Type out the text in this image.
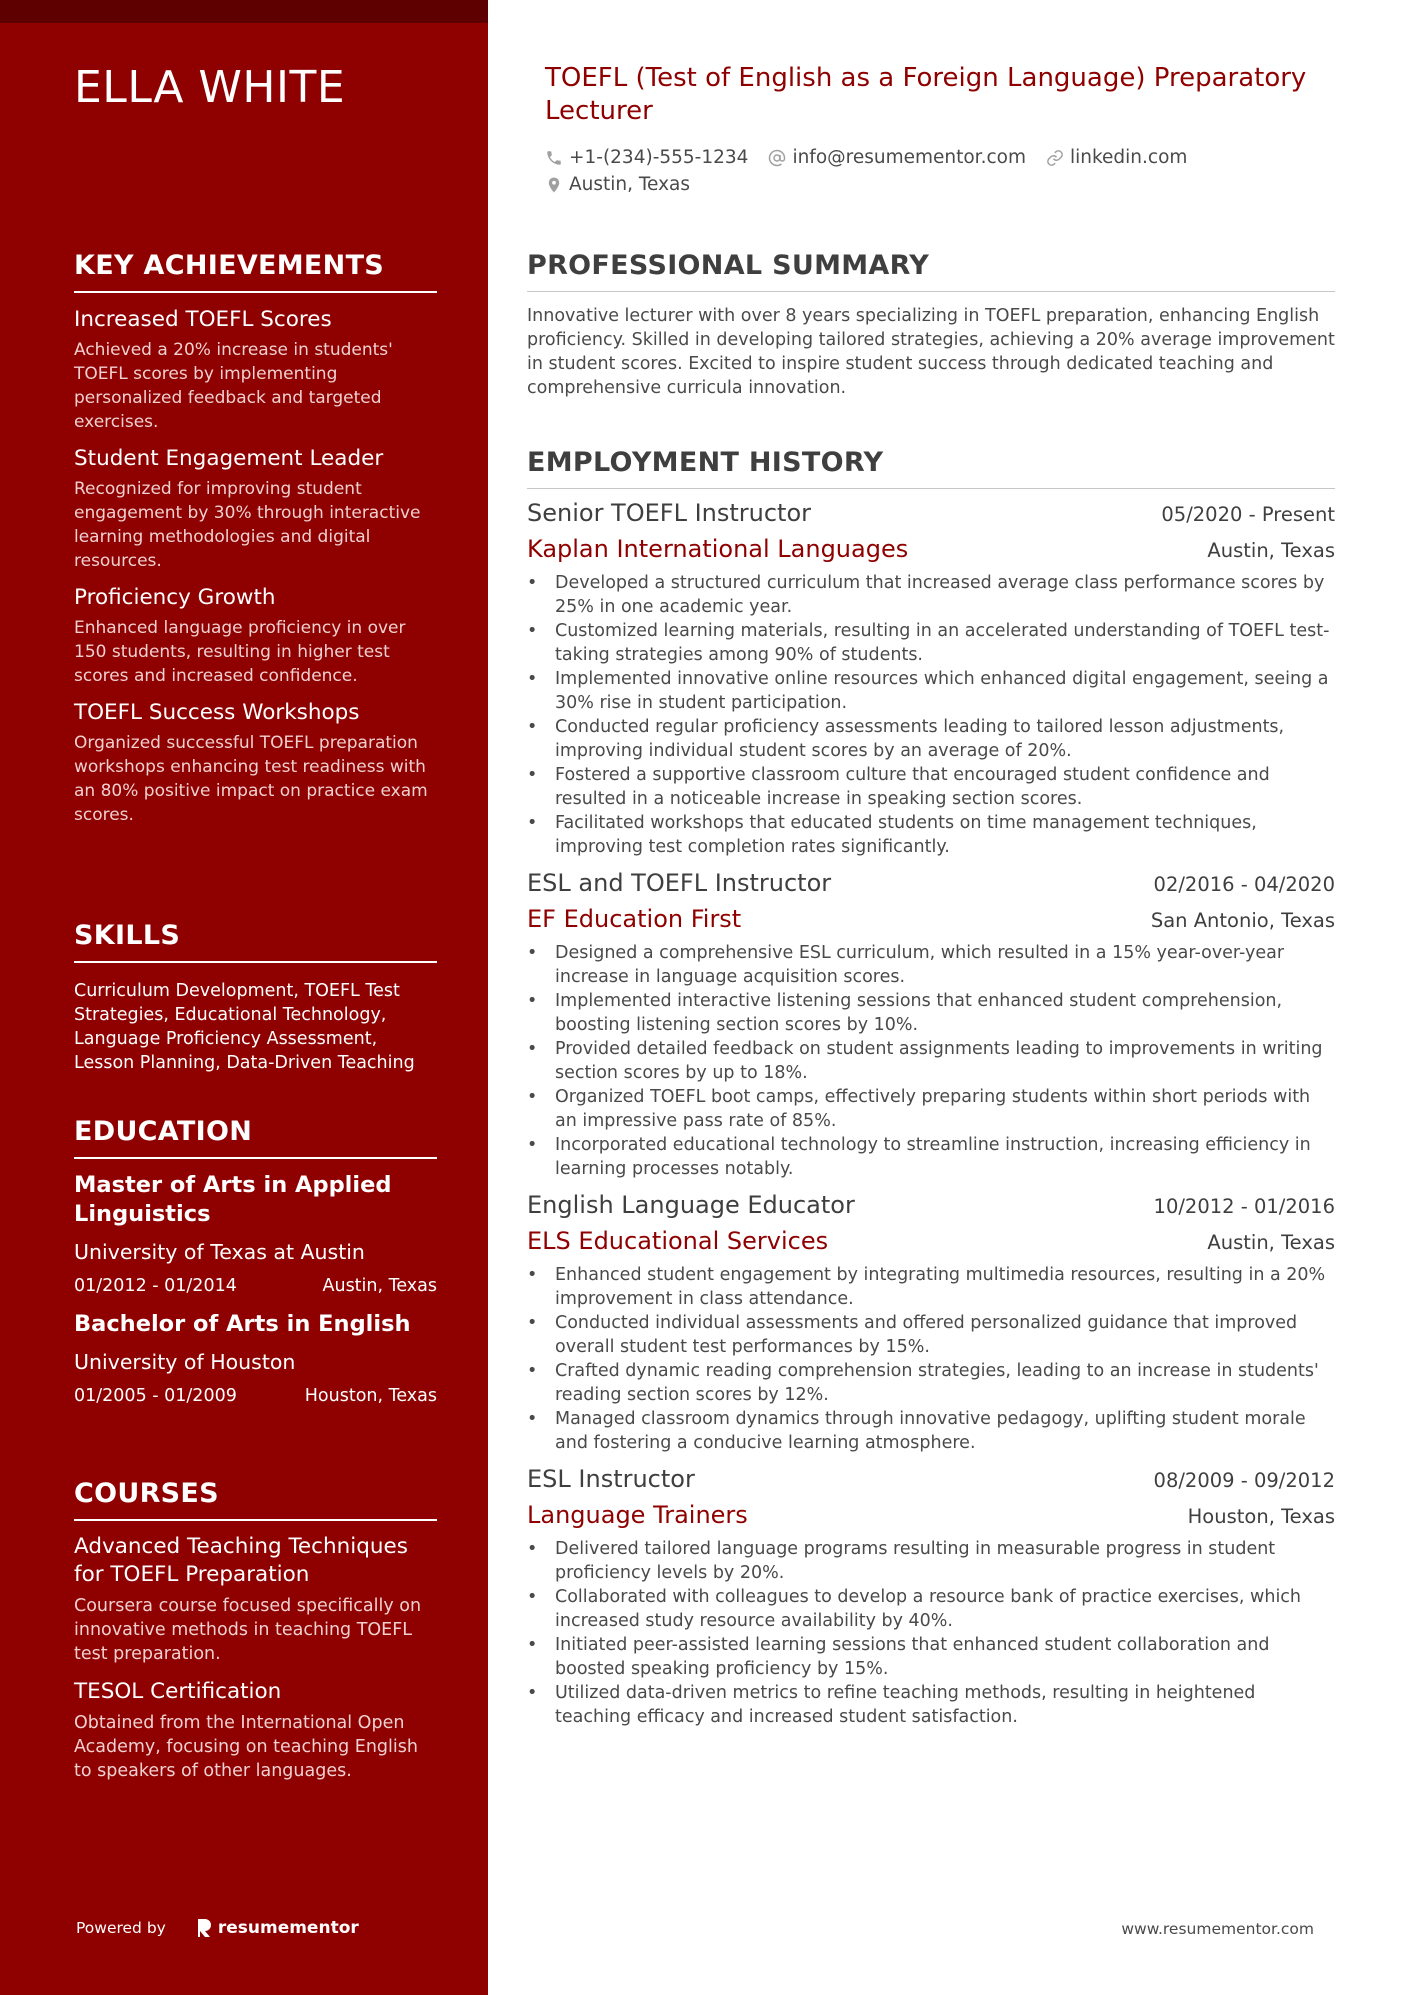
ELLA WHITE
KEY ACHIEVEMENTS
Increased TOEFL Scores
Achieved a 20% increase in students' TOEFL scores by implementing personalized feedback and targeted exercises.
Student Engagement Leader
Recognized for improving student engagement by 30% through interactive learning methodologies and digital resources.
Proficiency Growth
Enhanced language proficiency in over 150 students, resulting in higher test scores and increased confidence.
TOEFL Success Workshops
Organized successful TOEFL preparation workshops enhancing test readiness with an 80% positive impact on practice exam scores.
SKILLS
Curriculum Development, TOEFL Test Strategies, Educational Technology, Language Proficiency Assessment, Lesson Planning, Data-Driven Teaching
EDUCATION
Master of Arts in Applied Linguistics
University of Texas at Austin
01/2012 - 01/2014	Austin, Texas
Bachelor of Arts in English
University of Houston
01/2005 - 01/2009	Houston, Texas
COURSES
Advanced Teaching Techniques for TOEFL Preparation
Coursera course focused specifically on innovative methods in teaching TOEFL test preparation.
TESOL Certification
Obtained from the International Open Academy, focusing on teaching English to speakers of other languages.
Powered by	resumementor
TOEFL (Test of English as a Foreign Language) Preparatory Lecturer
+1-(234)-555-1234 info@resumementor.com linkedin.com
Austin, Texas
PROFESSIONAL SUMMARY

Innovative lecturer with over 8 years specializing in TOEFL preparation, enhancing English proficiency. Skilled in developing tailored strategies, achieving a 20% average improvement in student scores. Excited to inspire student success through dedicated teaching and comprehensive curricula innovation.

EMPLOYMENT HISTORY
Senior TOEFL Instructor	05/2020 - Present
Kaplan International Languages	Austin, Texas
• Developed a structured curriculum that increased average class performance scores by 25% in one academic year.
• Customized learning materials, resulting in an accelerated understanding of TOEFL test-taking strategies among 90% of students.
• Implemented innovative online resources which enhanced digital engagement, seeing a 30% rise in student participation.
• Conducted regular proficiency assessments leading to tailored lesson adjustments, improving individual student scores by an average of 20%.
• Fostered a supportive classroom culture that encouraged student confidence and resulted in a noticeable increase in speaking section scores.
• Facilitated workshops that educated students on time management techniques, improving test completion rates significantly.
ESL and TOEFL Instructor	02/2016 - 04/2020
EF Education First	San Antonio, Texas
• Designed a comprehensive ESL curriculum, which resulted in a 15% year-over-year increase in language acquisition scores.
• Implemented interactive listening sessions that enhanced student comprehension, boosting listening section scores by 10%.
• Provided detailed feedback on student assignments leading to improvements in writing section scores by up to 18%.
• Organized TOEFL boot camps, effectively preparing students within short periods with an impressive pass rate of 85%.
• Incorporated educational technology to streamline instruction, increasing efficiency in learning processes notably.
English Language Educator	10/2012 - 01/2016
ELS Educational Services	Austin, Texas
• Enhanced student engagement by integrating multimedia resources, resulting in a 20% improvement in class attendance.
• Conducted individual assessments and offered personalized guidance that improved overall student test performances by 15%.
• Crafted dynamic reading comprehension strategies, leading to an increase in students' reading section scores by 12%.
• Managed classroom dynamics through innovative pedagogy, uplifting student morale and fostering a conducive learning atmosphere.
ESL Instructor	08/2009 - 09/2012
Language Trainers	Houston, Texas
• Delivered tailored language programs resulting in measurable progress in student proficiency levels by 20%.
• Collaborated with colleagues to develop a resource bank of practice exercises, which increased study resource availability by 40%.
• Initiated peer-assisted learning sessions that enhanced student collaboration and boosted speaking proficiency by 15%.
• Utilized data-driven metrics to refine teaching methods, resulting in heightened teaching efficacy and increased student satisfaction.
www.resumementor.com
